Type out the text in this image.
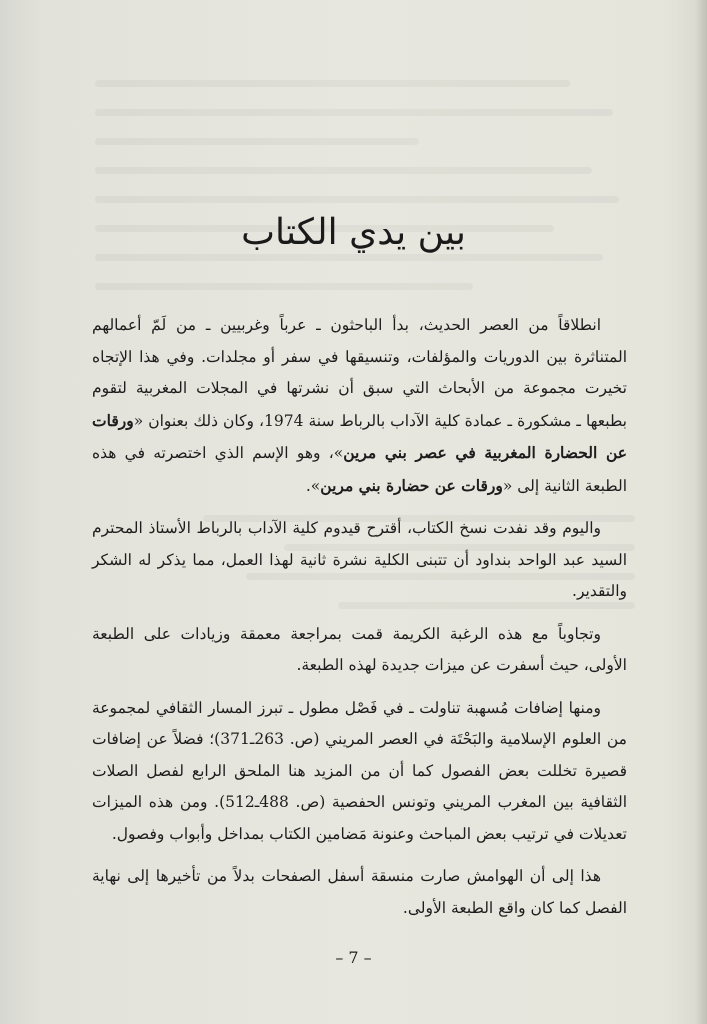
بين يدي الكتاب

انطلاقاً من العصر الحديث، بدأ الباحثون ـ عرباً وغربيين ـ من لَمّ أعمالهم المتناثرة بين الدوريات والمؤلفات، وتنسيقها في سفر أو مجلدات. وفي هذا الإتجاه تخيرت مجموعة من الأبحاث التي سبق أن نشرتها في المجلات المغربية لتقوم بطبعها ـ مشكورة ـ عمادة كلية الآداب بالرباط سنة 1974، وكان ذلك بعنوان «ورقات عن الحضارة المغربية في عصر بني مرين»، وهو الإسم الذي اختصرته في هذه الطبعة الثانية إلى «ورقات عن حضارة بني مرين».

واليوم وقد نفدت نسخ الكتاب، أقترح قيدوم كلية الآداب بالرباط الأستاذ المحترم السيد عبد الواحد بنداود أن تتبنى الكلية نشرة ثانية لهذا العمل، مما يذكر له الشكر والتقدير.

وتجاوباً مع هذه الرغبة الكريمة قمت بمراجعة معمقة وزيادات على الطبعة الأولى، حيث أسفرت عن ميزات جديدة لهذه الطبعة.

ومنها إضافات مُسهبة تناولت ـ في فَصْل مطول ـ تبرز المسار الثقافي لمجموعة من العلوم الإسلامية والبَحْتَة في العصر المريني (ص. 263ـ371)؛ فضلاً عن إضافات قصيرة تخللت بعض الفصول كما أن من المزيد هنا الملحق الرابع لفصل الصلات الثقافية بين المغرب المريني وتونس الحفصية (ص. 488ـ512). ومن هذه الميزات تعديلات في ترتيب بعض المباحث وعنونة مَضامين الكتاب بمداخل وأبواب وفصول.

هذا إلى أن الهوامش صارت منسقة أسفل الصفحات بدلاً من تأخيرها إلى نهاية الفصل كما كان واقع الطبعة الأولى.

– 7 –
